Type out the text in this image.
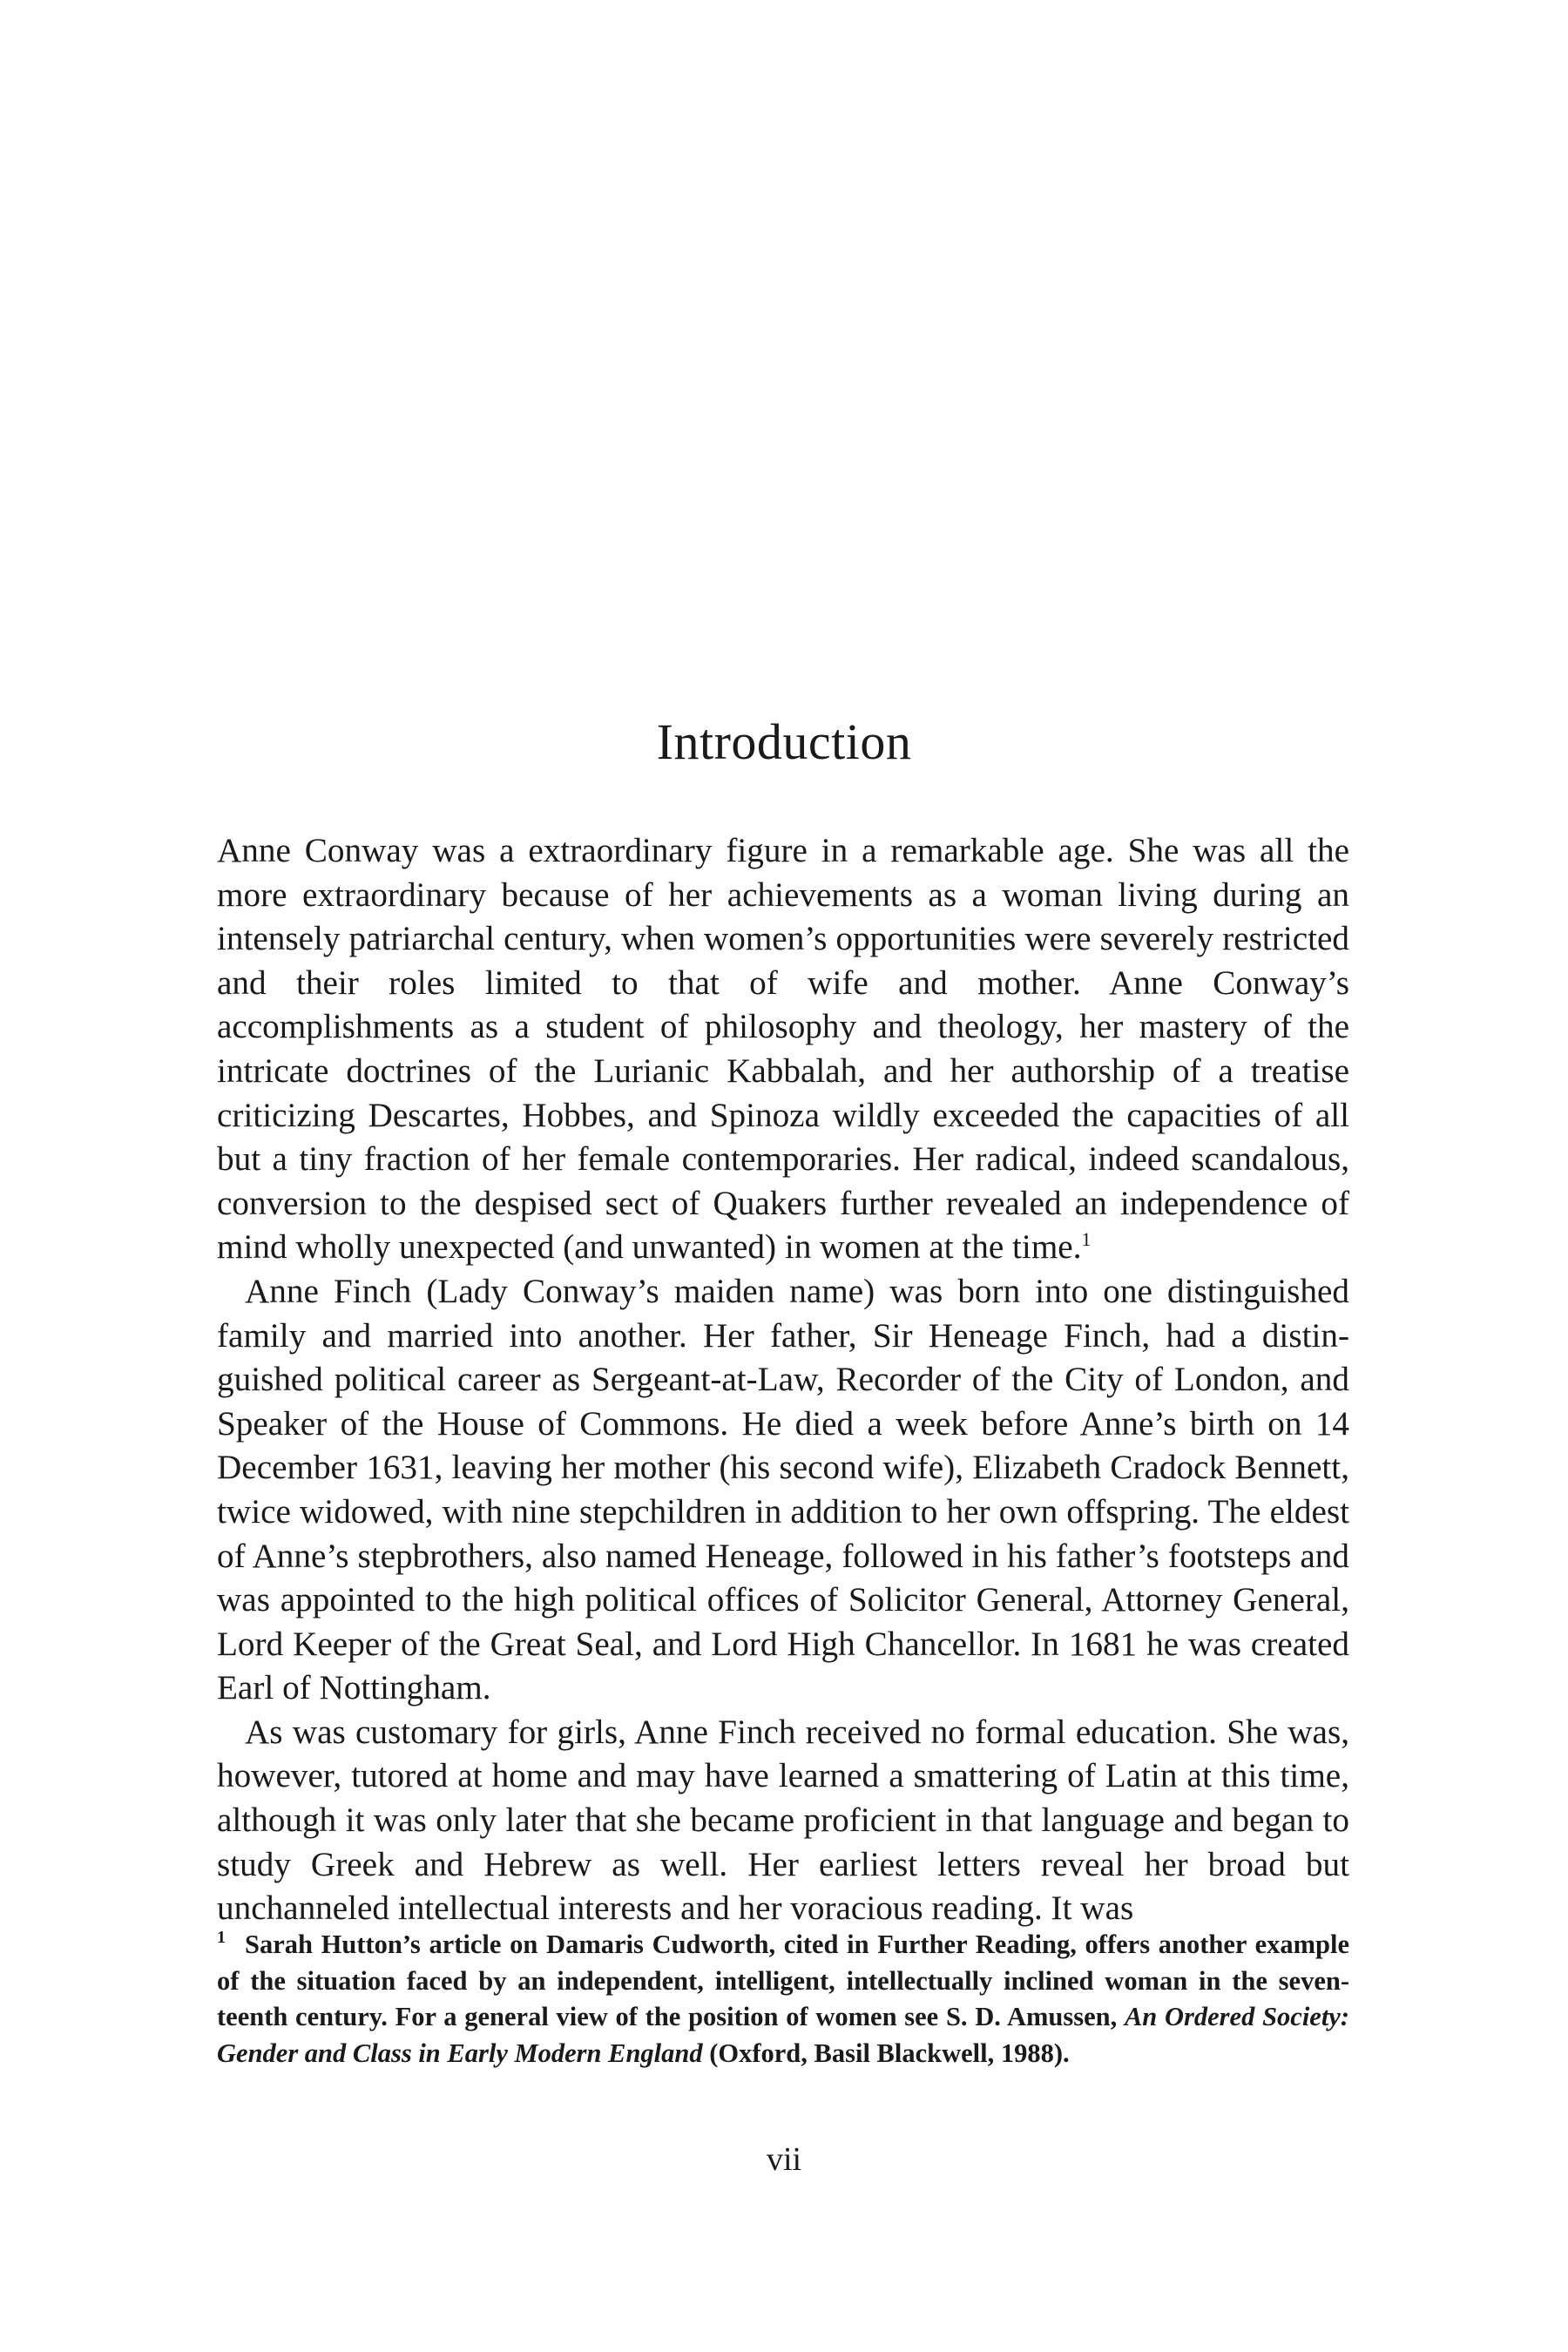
Introduction

Anne Conway was a extraordinary figure in a remarkable age. She was all the more extraordinary because of her achievements as a woman living during an intensely patriarchal century, when women’s opportunities were severely restricted and their roles limited to that of wife and mother. Anne Conway’s accomplishments as a student of philosophy and theology, her mastery of the intricate doctrines of the Lurianic Kabbalah, and her authorship of a treatise criticizing Descartes, Hobbes, and Spinoza wildly exceeded the capacities of all but a tiny fraction of her female contemporaries. Her radical, indeed scandalous, conversion to the despised sect of Quakers further revealed an independence of mind wholly unexpected (and unwanted) in women at the time.$^1$

Anne Finch (Lady Conway’s maiden name) was born into one distinguished family and married into another. Her father, Sir Heneage Finch, had a distinguished political career as Sergeant-at-Law, Recorder of the City of London, and Speaker of the House of Commons. He died a week before Anne’s birth on 14 December 1631, leaving her mother (his second wife), Elizabeth Cradock Bennett, twice widowed, with nine stepchildren in addition to her own offspring. The eldest of Anne’s stepbrothers, also named Heneage, followed in his father’s footsteps and was appointed to the high political offices of Solicitor General, Attorney General, Lord Keeper of the Great Seal, and Lord High Chancellor. In 1681 he was created Earl of Nottingham.

As was customary for girls, Anne Finch received no formal education. She was, however, tutored at home and may have learned a smattering of Latin at this time, although it was only later that she became proficient in that language and began to study Greek and Hebrew as well. Her earliest letters reveal her broad but unchanneled intellectual interests and her voracious reading. It was

1 Sarah Hutton’s article on Damaris Cudworth, cited in Further Reading, offers another example of the situation faced by an independent, intelligent, intellectually inclined woman in the seventeenth century. For a general view of the position of women see S. D. Amussen, An Ordered Society: Gender and Class in Early Modern England (Oxford, Basil Blackwell, 1988).

vii
